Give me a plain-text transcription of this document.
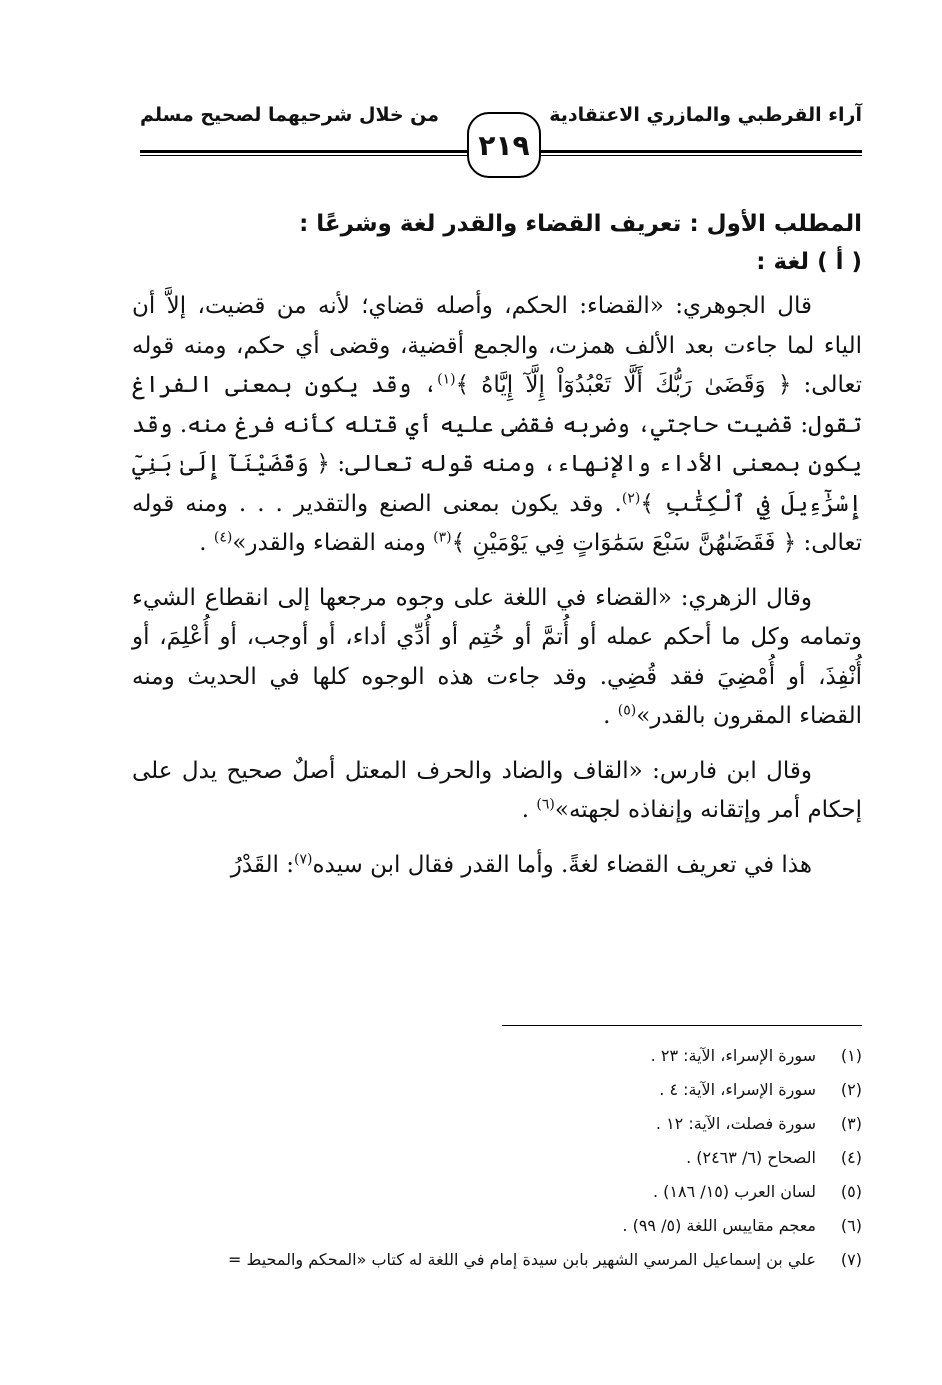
آراء القرطبي والمازري الاعتقادية
من خلال شرحيهما لصحيح مسلم
٢١٩
المطلب الأول : تعريف القضاء والقدر لغة وشرعًا :
( أ ) لغة :

قال الجوهري: «القضاء: الحكم، وأصله قضاي؛ لأنه من قضيت، إلاَّ أن الياء لما جاءت بعد الألف همزت، والجمع أقضية، وقضى أي حكم، ومنه قوله تعالى: ﴿ وَقَضَىٰ رَبُّكَ أَلَّا تَعْبُدُوٓاْ إِلَّآ إِيَّاهُ ﴾$^{(١)}$، وقد يكون بمعنى الفراغ تقول: قضيت حاجتي، وضربه فقضى عليه أي قتله كأنه فرغ منه. وقد يكون بمعنى الأداء والإنهاء، ومنه قوله تعالى: ﴿ وَقَضَيْنَآ إِلَىٰ بَنِيٓ إِسْرَٰٓءِيلَ فِي ٱلْكِتَٰبِ ﴾$^{(٢)}$. وقد يكون بمعنى الصنع والتقدير . . . ومنه قوله تعالى: ﴿ فَقَضَىٰهُنَّ سَبْعَ سَمَٰوَاتٍ فِي يَوْمَيْنِ ﴾$^{(٣)}$ ومنه القضاء والقدر»$^{(٤)}$ .

وقال الزهري: «القضاء في اللغة على وجوه مرجعها إلى انقطاع الشيء وتمامه وكل ما أحكم عمله أو أُتمَّ أو خُتِم أو أُدِّي أداء، أو أوجب، أو أُعْلِمَ، أو أُنْفِذَ، أو أُمْضِيَ فقد قُضِي. وقد جاءت هذه الوجوه كلها في الحديث ومنه القضاء المقرون بالقدر»$^{(٥)}$ .

وقال ابن فارس: «القاف والضاد والحرف المعتل أصلٌ صحيح يدل على إحكام أمر وإتقانه وإنفاذه لجهته»$^{(٦)}$ .

هذا في تعريف القضاء لغةً. وأما القدر فقال ابن سيده$^{(٧)}$: القَدْرُ

(١)سورة الإسراء، الآية: ٢٣ .
(٢)سورة الإسراء، الآية: ٤ .
(٣)سورة فصلت، الآية: ١٢ .
(٤)الصحاح (٦/ ٢٤٦٣) .
(٥)لسان العرب (١٥/ ١٨٦) .
(٦)معجم مقاييس اللغة (٥/ ٩٩) .
(٧)علي بن إسماعيل المرسي الشهير بابن سيدة إمام في اللغة له كتاب «المحكم والمحيط =
